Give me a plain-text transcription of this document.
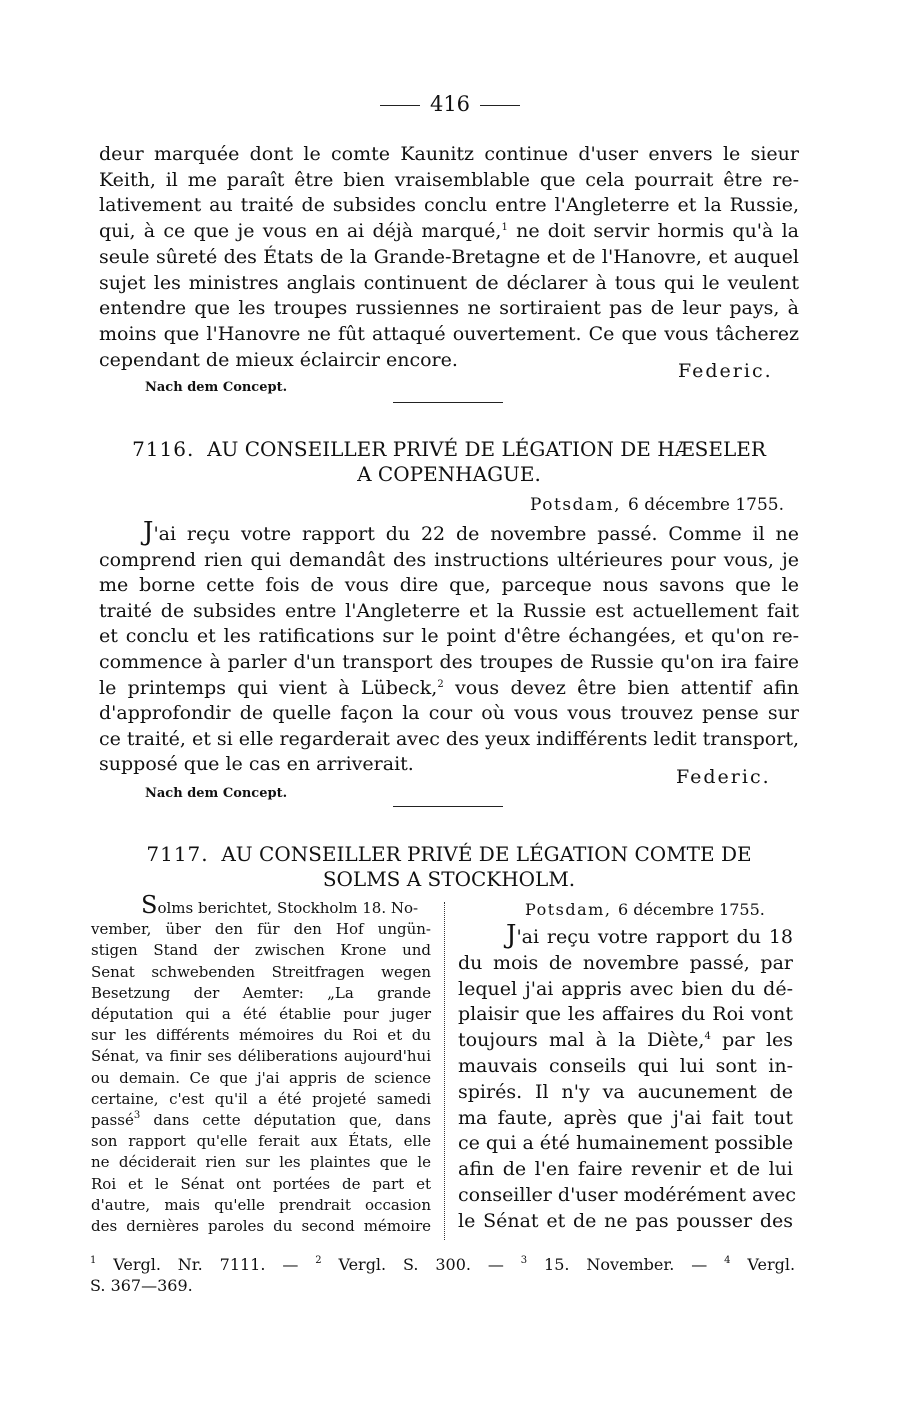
416
deur marquée dont le comte Kaunitz continue d'user envers le sieur
Keith, il me paraît être bien vraisemblable que cela pourrait être re-
lativement au traité de subsides conclu entre l'Angleterre et la Russie,
qui, à ce que je vous en ai déjà marqué,$^1$ ne doit servir hormis qu'à la
seule sûreté des États de la Grande-Bretagne et de l'Hanovre, et auquel
sujet les ministres anglais continuent de déclarer à tous qui le veulent
entendre que les troupes russiennes ne sortiraient pas de leur pays, à
moins que l'Hanovre ne fût attaqué ouvertement. Ce que vous tâcherez
cependant de mieux éclaircir encore.
Federic.
Nach dem Concept.
7116. AU CONSEILLER PRIVÉ DE LÉGATION DE HÆSELER
A COPENHAGUE.
Potsdam, 6 décembre 1755.
J'ai reçu votre rapport du 22 de novembre passé. Comme il ne
comprend rien qui demandât des instructions ultérieures pour vous, je
me borne cette fois de vous dire que, parceque nous savons que le
traité de subsides entre l'Angleterre et la Russie est actuellement fait
et conclu et les ratifications sur le point d'être échangées, et qu'on re-
commence à parler d'un transport des troupes de Russie qu'on ira faire
le printemps qui vient à Lübeck,$^2$ vous devez être bien attentif afin
d'approfondir de quelle façon la cour où vous vous trouvez pense sur
ce traité, et si elle regarderait avec des yeux indifférents ledit transport,
supposé que le cas en arriverait.
Federic.
Nach dem Concept.
7117. AU CONSEILLER PRIVÉ DE LÉGATION COMTE DE
SOLMS A STOCKHOLM.
Solms berichtet, Stockholm 18. No-
vember, über den für den Hof ungün-
stigen Stand der zwischen Krone und
Senat schwebenden Streitfragen wegen
Besetzung der Aemter: „La grande
députation qui a été établie pour juger
sur les différents mémoires du Roi et du
Sénat, va finir ses déliberations aujourd'hui
ou demain. Ce que j'ai appris de science
certaine, c'est qu'il a été projeté samedi
passé$^3$ dans cette députation que, dans
son rapport qu'elle ferait aux États, elle
ne déciderait rien sur les plaintes que le
Roi et le Sénat ont portées de part et
d'autre, mais qu'elle prendrait occasion
des dernières paroles du second mémoire
Potsdam, 6 décembre 1755.
J'ai reçu votre rapport du 18
du mois de novembre passé, par
lequel j'ai appris avec bien du dé-
plaisir que les affaires du Roi vont
toujours mal à la Diète,$^4$ par les
mauvais conseils qui lui sont in-
spirés. Il n'y va aucunement de
ma faute, après que j'ai fait tout
ce qui a été humainement possible
afin de l'en faire revenir et de lui
conseiller d'user modérément avec
le Sénat et de ne pas pousser des
$^1$ Vergl. Nr. 7111. — $^2$ Vergl. S. 300. — $^3$ 15. November. — $^4$ Vergl.
S. 367—369.
